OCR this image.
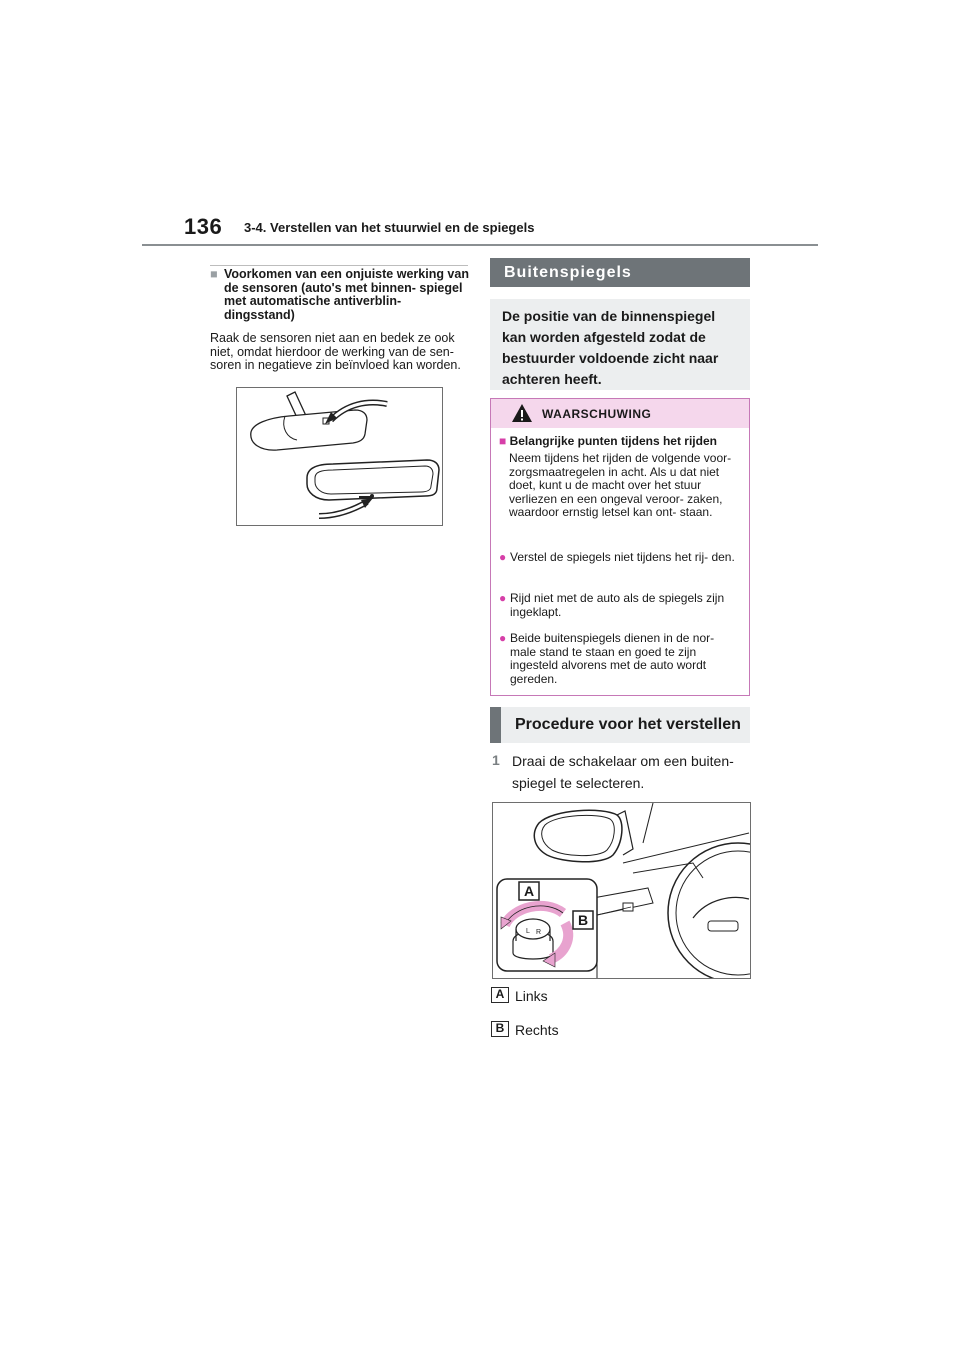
136 3-4. Verstellen van het stuurwiel en de spiegels
■ Voorkomen van een onjuiste werking van de sensoren (auto's met binnen- spiegel met automatische antiverblin- dingsstand)
Raak de sensoren niet aan en bedek ze ook niet, omdat hierdoor de werking van de sen- soren in negatieve zin beïnvloed kan worden.
Buitenspiegels
De positie van de binnenspiegel kan worden afgesteld zodat de bestuurder voldoende zicht naar achteren heeft.
WAARSCHUWING
■ Belangrijke punten tijdens het rijden
Neem tijdens het rijden de volgende voor- zorgsmaatregelen in acht. Als u dat niet doet, kunt u de macht over het stuur verliezen en een ongeval veroor- zaken, waardoor ernstig letsel kan ont- staan.
● Verstel de spiegels niet tijdens het rij- den.
● Rijd niet met de auto als de spiegels zijn ingeklapt.
● Beide buitenspiegels dienen in de nor- male stand te staan en goed te zijn ingesteld alvorens met de auto wordt gereden.
Procedure voor het verstellen
1 Draai de schakelaar om een buiten- spiegel te selecteren.
L R
A
B
A Links
B Rechts
